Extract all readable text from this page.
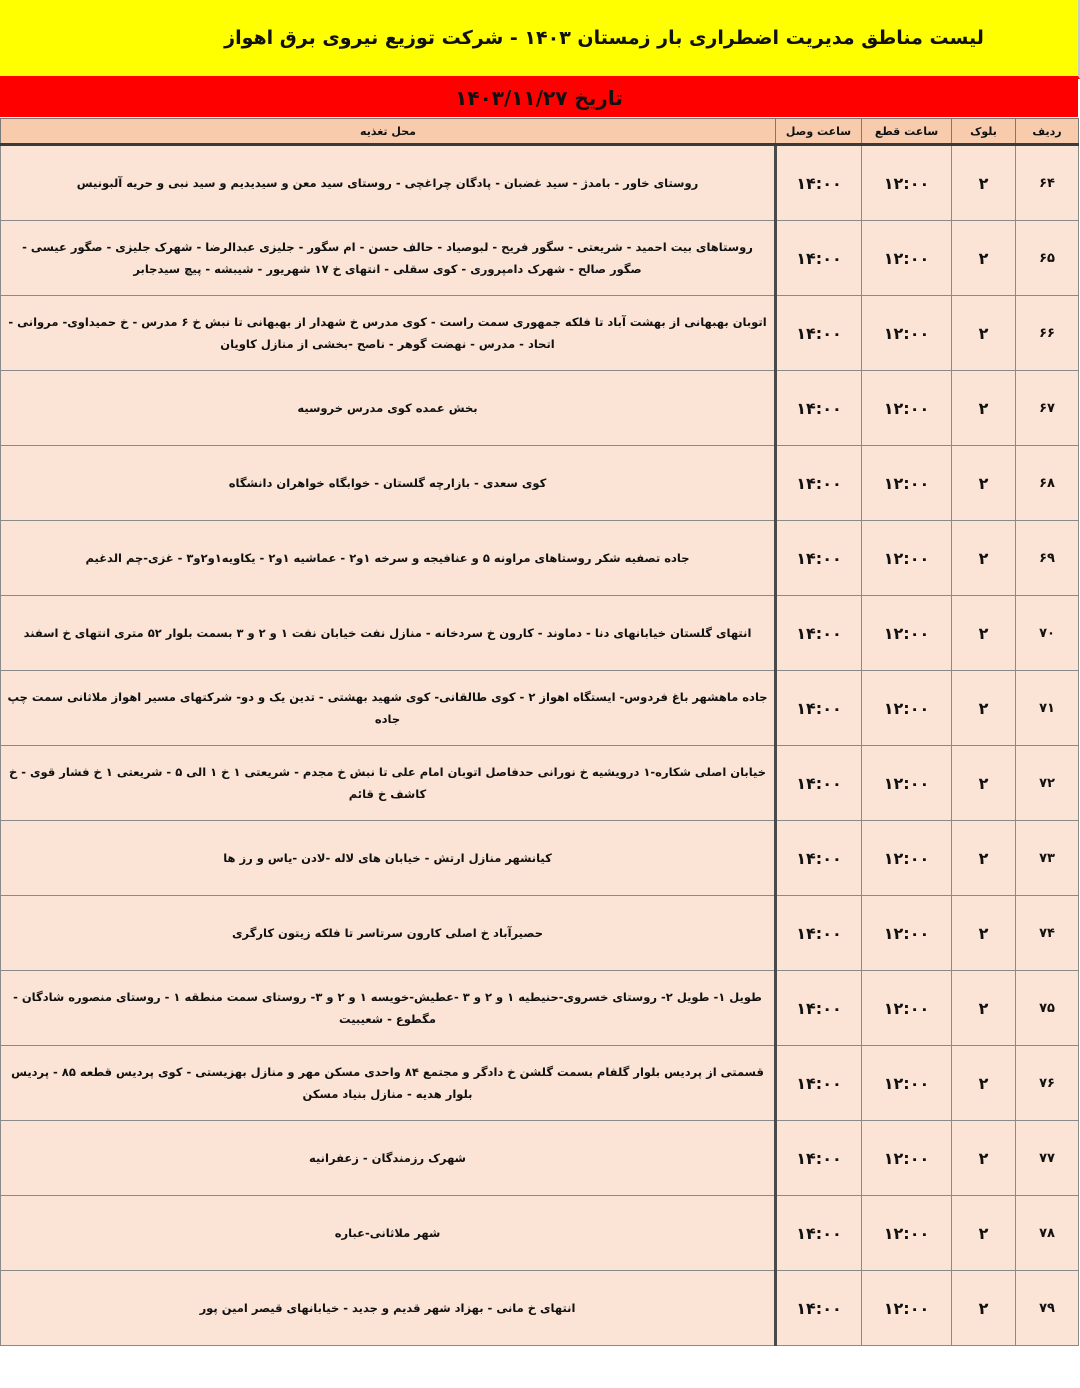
لیست مناطق مدیریت اضطراری بار زمستان ۱۴۰۳ - شرکت توزیع نیروی برق اهواز
تاریخ ۱۴۰۳/۱۱/۲۷
محل تغذیه	ساعت وصل	ساعت قطع	بلوک	ردیف
روستای خاور - بامدژ - سید غضبان - پادگان چراغچی - روستای سید معن و سیدیدیم و سید نبی و حریه آلبونیس	۱۴:۰۰	۱۲:۰۰	۲	۶۴
روستاهای بیت احمید - شریعتی - سگور فریح - لبوصیاد - حالف حسن - ام سگور - جلیزی عبدالرضا - شهرک جلیزی - صگور عیسی - صگور صالح - شهرک دامپروری - کوی سقلی - انتهای خ ۱۷ شهریور - شیبشه - پیچ سیدجابر	۱۴:۰۰	۱۲:۰۰	۲	۶۵
اتوبان بهبهانی از بهشت آباد تا فلکه جمهوری سمت راست - کوی مدرس خ شهدار از بهبهانی تا نبش خ ۶ مدرس - خ حمیداوی- مروانی - اتحاد - مدرس - نهضت گوهر - ناصح -بخشی از منازل کاویان	۱۴:۰۰	۱۲:۰۰	۲	۶۶
بخش عمده کوی مدرس خروسیه	۱۴:۰۰	۱۲:۰۰	۲	۶۷
کوی سعدی - بازارچه گلستان - خوابگاه خواهران دانشگاه	۱۴:۰۰	۱۲:۰۰	۲	۶۸
جاده تصفیه شکر روستاهای مراونه ۵ و عنافیجه و سرخه ۱و۲ - عماشیه ۱و۲ - یکاویه۱و۲و۳ - غزی-چم الدغیم	۱۴:۰۰	۱۲:۰۰	۲	۶۹
انتهای گلستان خیابانهای دنا - دماوند - کارون خ سردخانه - منازل نفت خیابان نفت ۱ و ۲ و ۳ بسمت بلوار ۵۲ متری انتهای خ اسفند	۱۴:۰۰	۱۲:۰۰	۲	۷۰
جاده ماهشهر باغ فردوس- ایستگاه اهواز ۲ - کوی طالقانی- کوی شهید بهشتی - تدین یک و دو- شرکتهای مسیر اهواز ملاثانی سمت چپ جاده	۱۴:۰۰	۱۲:۰۰	۲	۷۱
خیابان اصلی شکاره-۱ درویشیه خ نورانی حدفاصل اتوبان امام علی تا نبش خ مجدم - شریعتی ۱ خ ۱ الی ۵ - شریعتی ۱ خ فشار قوی - خ کاشف خ قائم	۱۴:۰۰	۱۲:۰۰	۲	۷۲
کیانشهر منازل ارتش - خیابان های لاله -لادن -یاس و رز ها	۱۴:۰۰	۱۲:۰۰	۲	۷۳
حصیرآباد خ اصلی کارون سرتاسر تا فلکه زیتون کارگری	۱۴:۰۰	۱۲:۰۰	۲	۷۴
طویل ۱- طویل ۲- روستای خسروی-حنیطیه ۱ و ۲ و ۳ -عطیش-خویسه ۱ و ۲ و ۳- روستای سمت منطقه ۱ - روستای منصوره شادگان - مگطوع - شعیبیت	۱۴:۰۰	۱۲:۰۰	۲	۷۵
قسمتی از پردیس بلوار گلفام بسمت گلشن خ دادگر و مجتمع ۸۴ واحدی مسکن مهر و منازل بهزیستی - کوی پردیس قطعه ۸۵ - پردیس بلوار هدیه - منازل بنیاد مسکن	۱۴:۰۰	۱۲:۰۰	۲	۷۶
شهرک رزمندگان - زعفرانیه	۱۴:۰۰	۱۲:۰۰	۲	۷۷
شهر ملاثانی-عباره	۱۴:۰۰	۱۲:۰۰	۲	۷۸
انتهای خ مانی - بهزاد شهر قدیم و جدید - خیابانهای قیصر امین پور	۱۴:۰۰	۱۲:۰۰	۲	۷۹
